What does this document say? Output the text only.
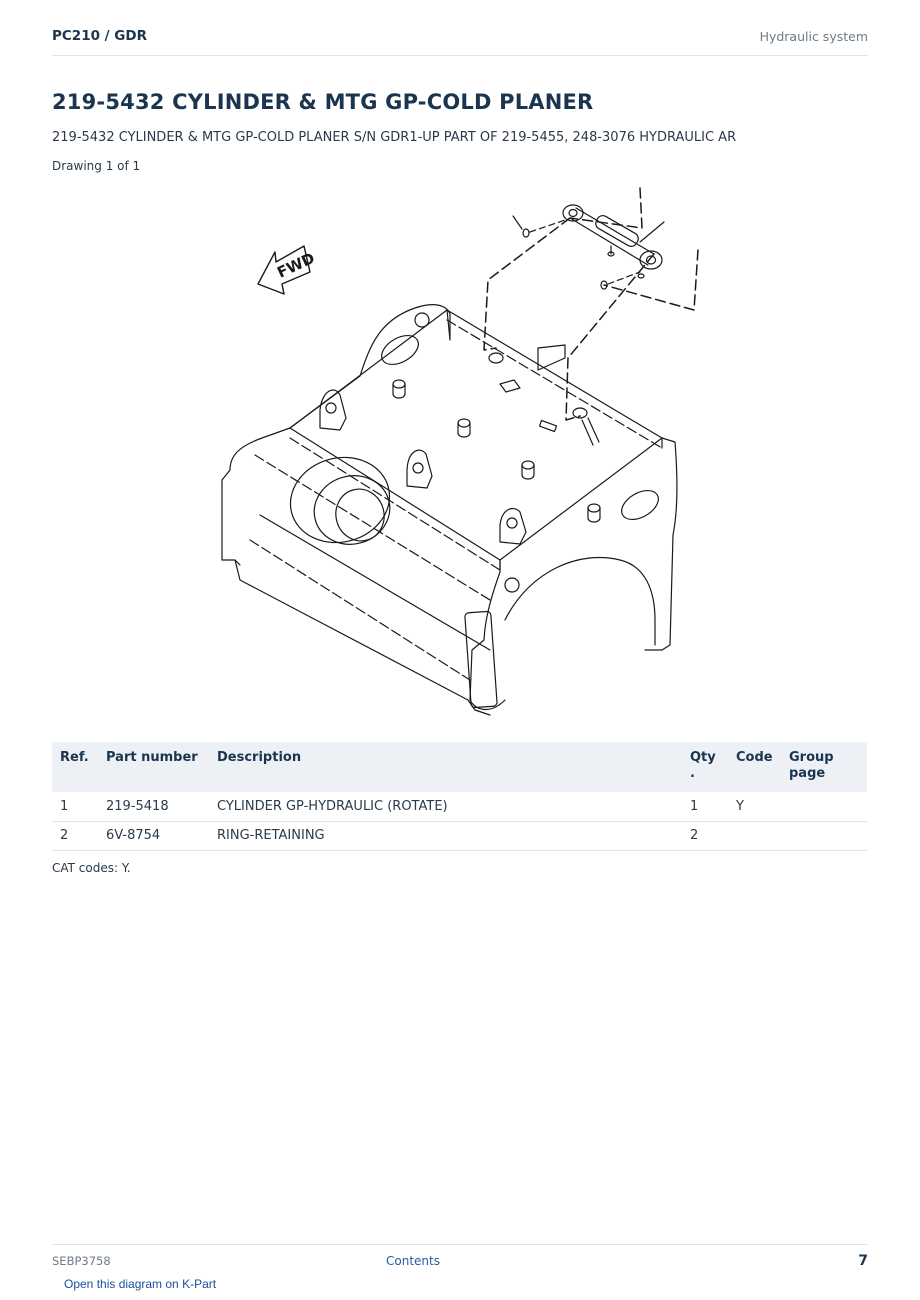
PC210 / GDR	Hydraulic system
219-5432 CYLINDER & MTG GP-COLD PLANER
219-5432 CYLINDER & MTG GP-COLD PLANER S/N GDR1-UP PART OF 219-5455, 248-3076 HYDRAULIC AR
Drawing 1 of 1
FWD
Ref.	Part number	Description	Qty .	Code	Group page
1	219-5418	CYLINDER GP-HYDRAULIC (ROTATE)	1	Y	
2	6V-8754	RING-RETAINING	2		
CAT codes: Y.
SEBP3758	Contents	7
Open this diagram on K-Part
